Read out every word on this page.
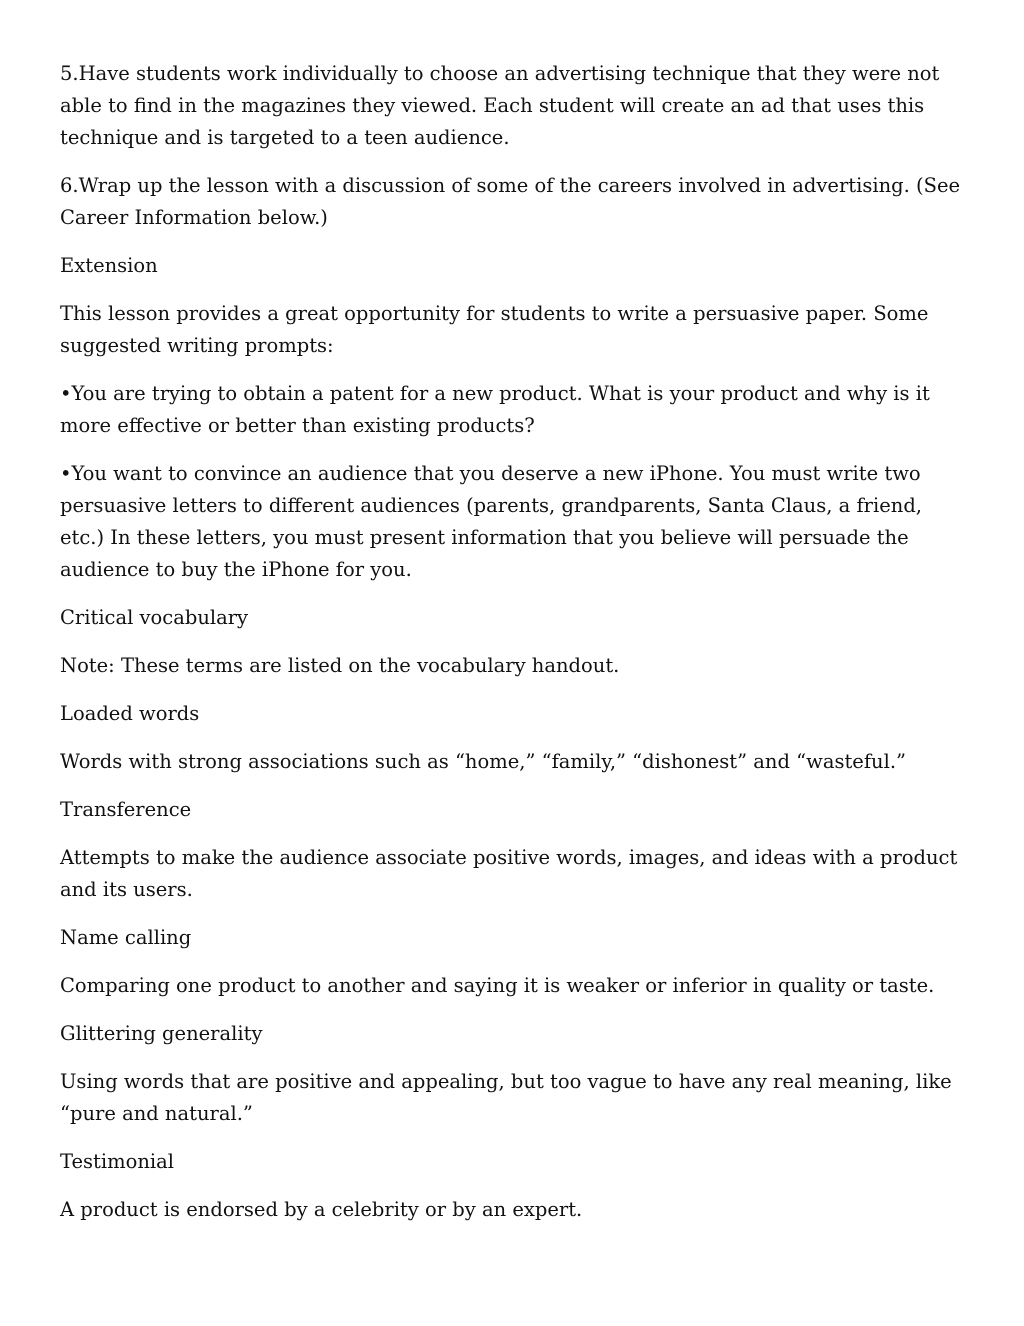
5.Have students work individually to choose an advertising technique that they were not able to find in the magazines they viewed. Each student will create an ad that uses this technique and is targeted to a teen audience.

6.Wrap up the lesson with a discussion of some of the careers involved in advertising. (See Career Information below.)

Extension

This lesson provides a great opportunity for students to write a persuasive paper. Some suggested writing prompts:

•You are trying to obtain a patent for a new product. What is your product and why is it more effective or better than existing products?

•You want to convince an audience that you deserve a new iPhone. You must write two persuasive letters to different audiences (parents, grandparents, Santa Claus, a friend, etc.) In these letters, you must present information that you believe will persuade the audience to buy the iPhone for you.

Critical vocabulary

Note: These terms are listed on the vocabulary handout.

Loaded words

Words with strong associations such as “home,” “family,” “dishonest” and “wasteful.”

Transference

Attempts to make the audience associate positive words, images, and ideas with a product and its users.

Name calling

Comparing one product to another and saying it is weaker or inferior in quality or taste.

Glittering generality

Using words that are positive and appealing, but too vague to have any real meaning, like “pure and natural.”

Testimonial

A product is endorsed by a celebrity or by an expert.
